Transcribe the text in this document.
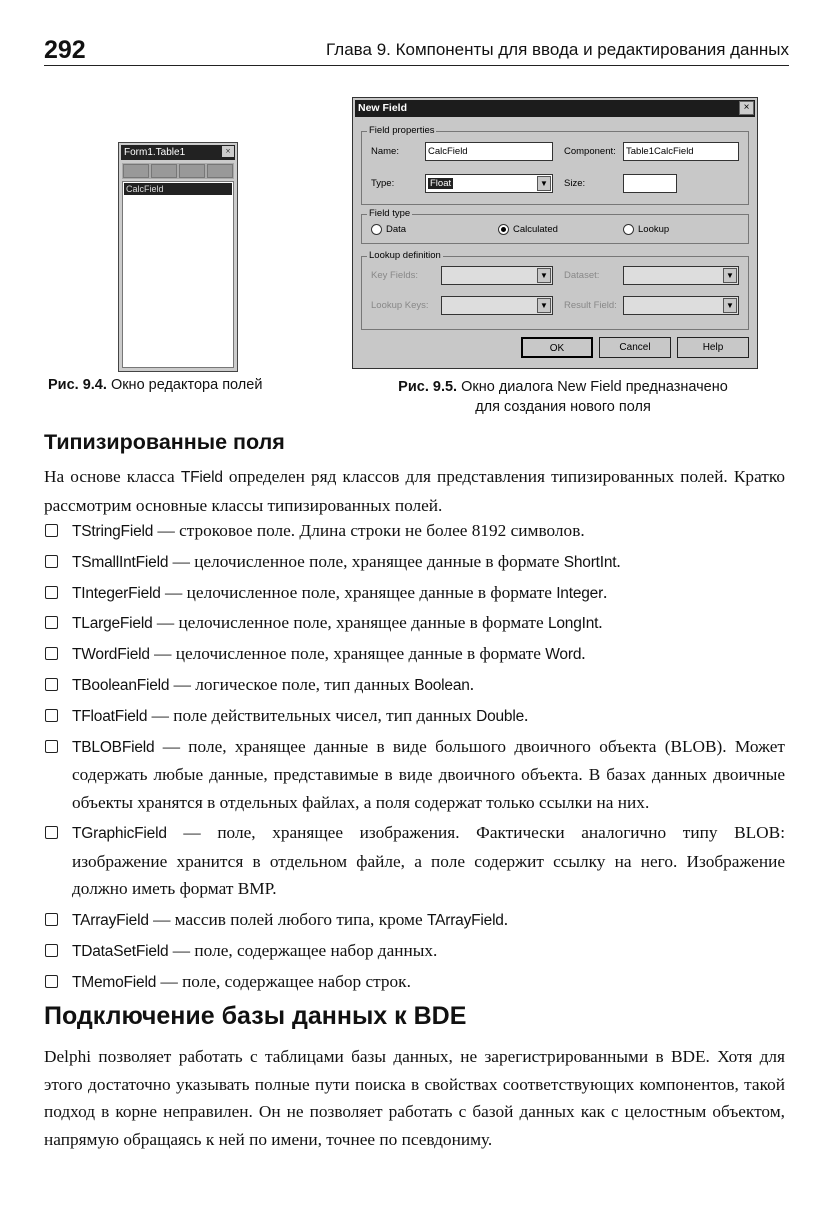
292	Глава 9. Компоненты для ввода и редактирования данных
Form1.Table1	×
CalcField
Рис. 9.4. Окно редактора полей
New Field	×
Field properties
Name:	CalcField	Component:	Table1CalcField
Type:	Float	▼	Size:
Field type
Data	Calculated	Lookup
Lookup definition
Key Fields:	▼	Dataset:	▼
Lookup Keys:	▼	Result Field:	▼
OK	Cancel	Help
Рис. 9.5. Окно диалога New Field предназначено
для создания нового поля
Типизированные поля

На основе класса TField определен ряд классов для представления типизированных полей. Кратко рассмотрим основные классы типизированных полей.

TStringField — строковое поле. Длина строки не более 8192 символов.
TSmallIntField — целочисленное поле, хранящее данные в формате ShortInt.
TIntegerField — целочисленное поле, хранящее данные в формате Integer.
TLargeField — целочисленное поле, хранящее данные в формате LongInt.
TWordField — целочисленное поле, хранящее данные в формате Word.
TBooleanField — логическое поле, тип данных Boolean.
TFloatField — поле действительных чисел, тип данных Double.
TBLOBField — поле, хранящее данные в виде большого двоичного объекта (BLOB). Может содержать любые данные, представимые в виде двоичного объекта. В базах данных двоичные объекты хранятся в отдельных файлах, а поля содержат только ссылки на них.
TGraphicField — поле, хранящее изображения. Фактически аналогично типу BLOB: изображение хранится в отдельном файле, а поле содержит ссылку на него. Изображение должно иметь формат BMP.
TArrayField — массив полей любого типа, кроме TArrayField.
TDataSetField — поле, содержащее набор данных.
TMemoField — поле, содержащее набор строк.
Подключение базы данных к BDE

Delphi позволяет работать с таблицами базы данных, не зарегистрированными в BDE. Хотя для этого достаточно указывать полные пути поиска в свойствах соответствующих компонентов, такой подход в корне неправилен. Он не позволяет работать с базой данных как с целостным объектом, напрямую обращаясь к ней по имени, точнее по псевдониму.
